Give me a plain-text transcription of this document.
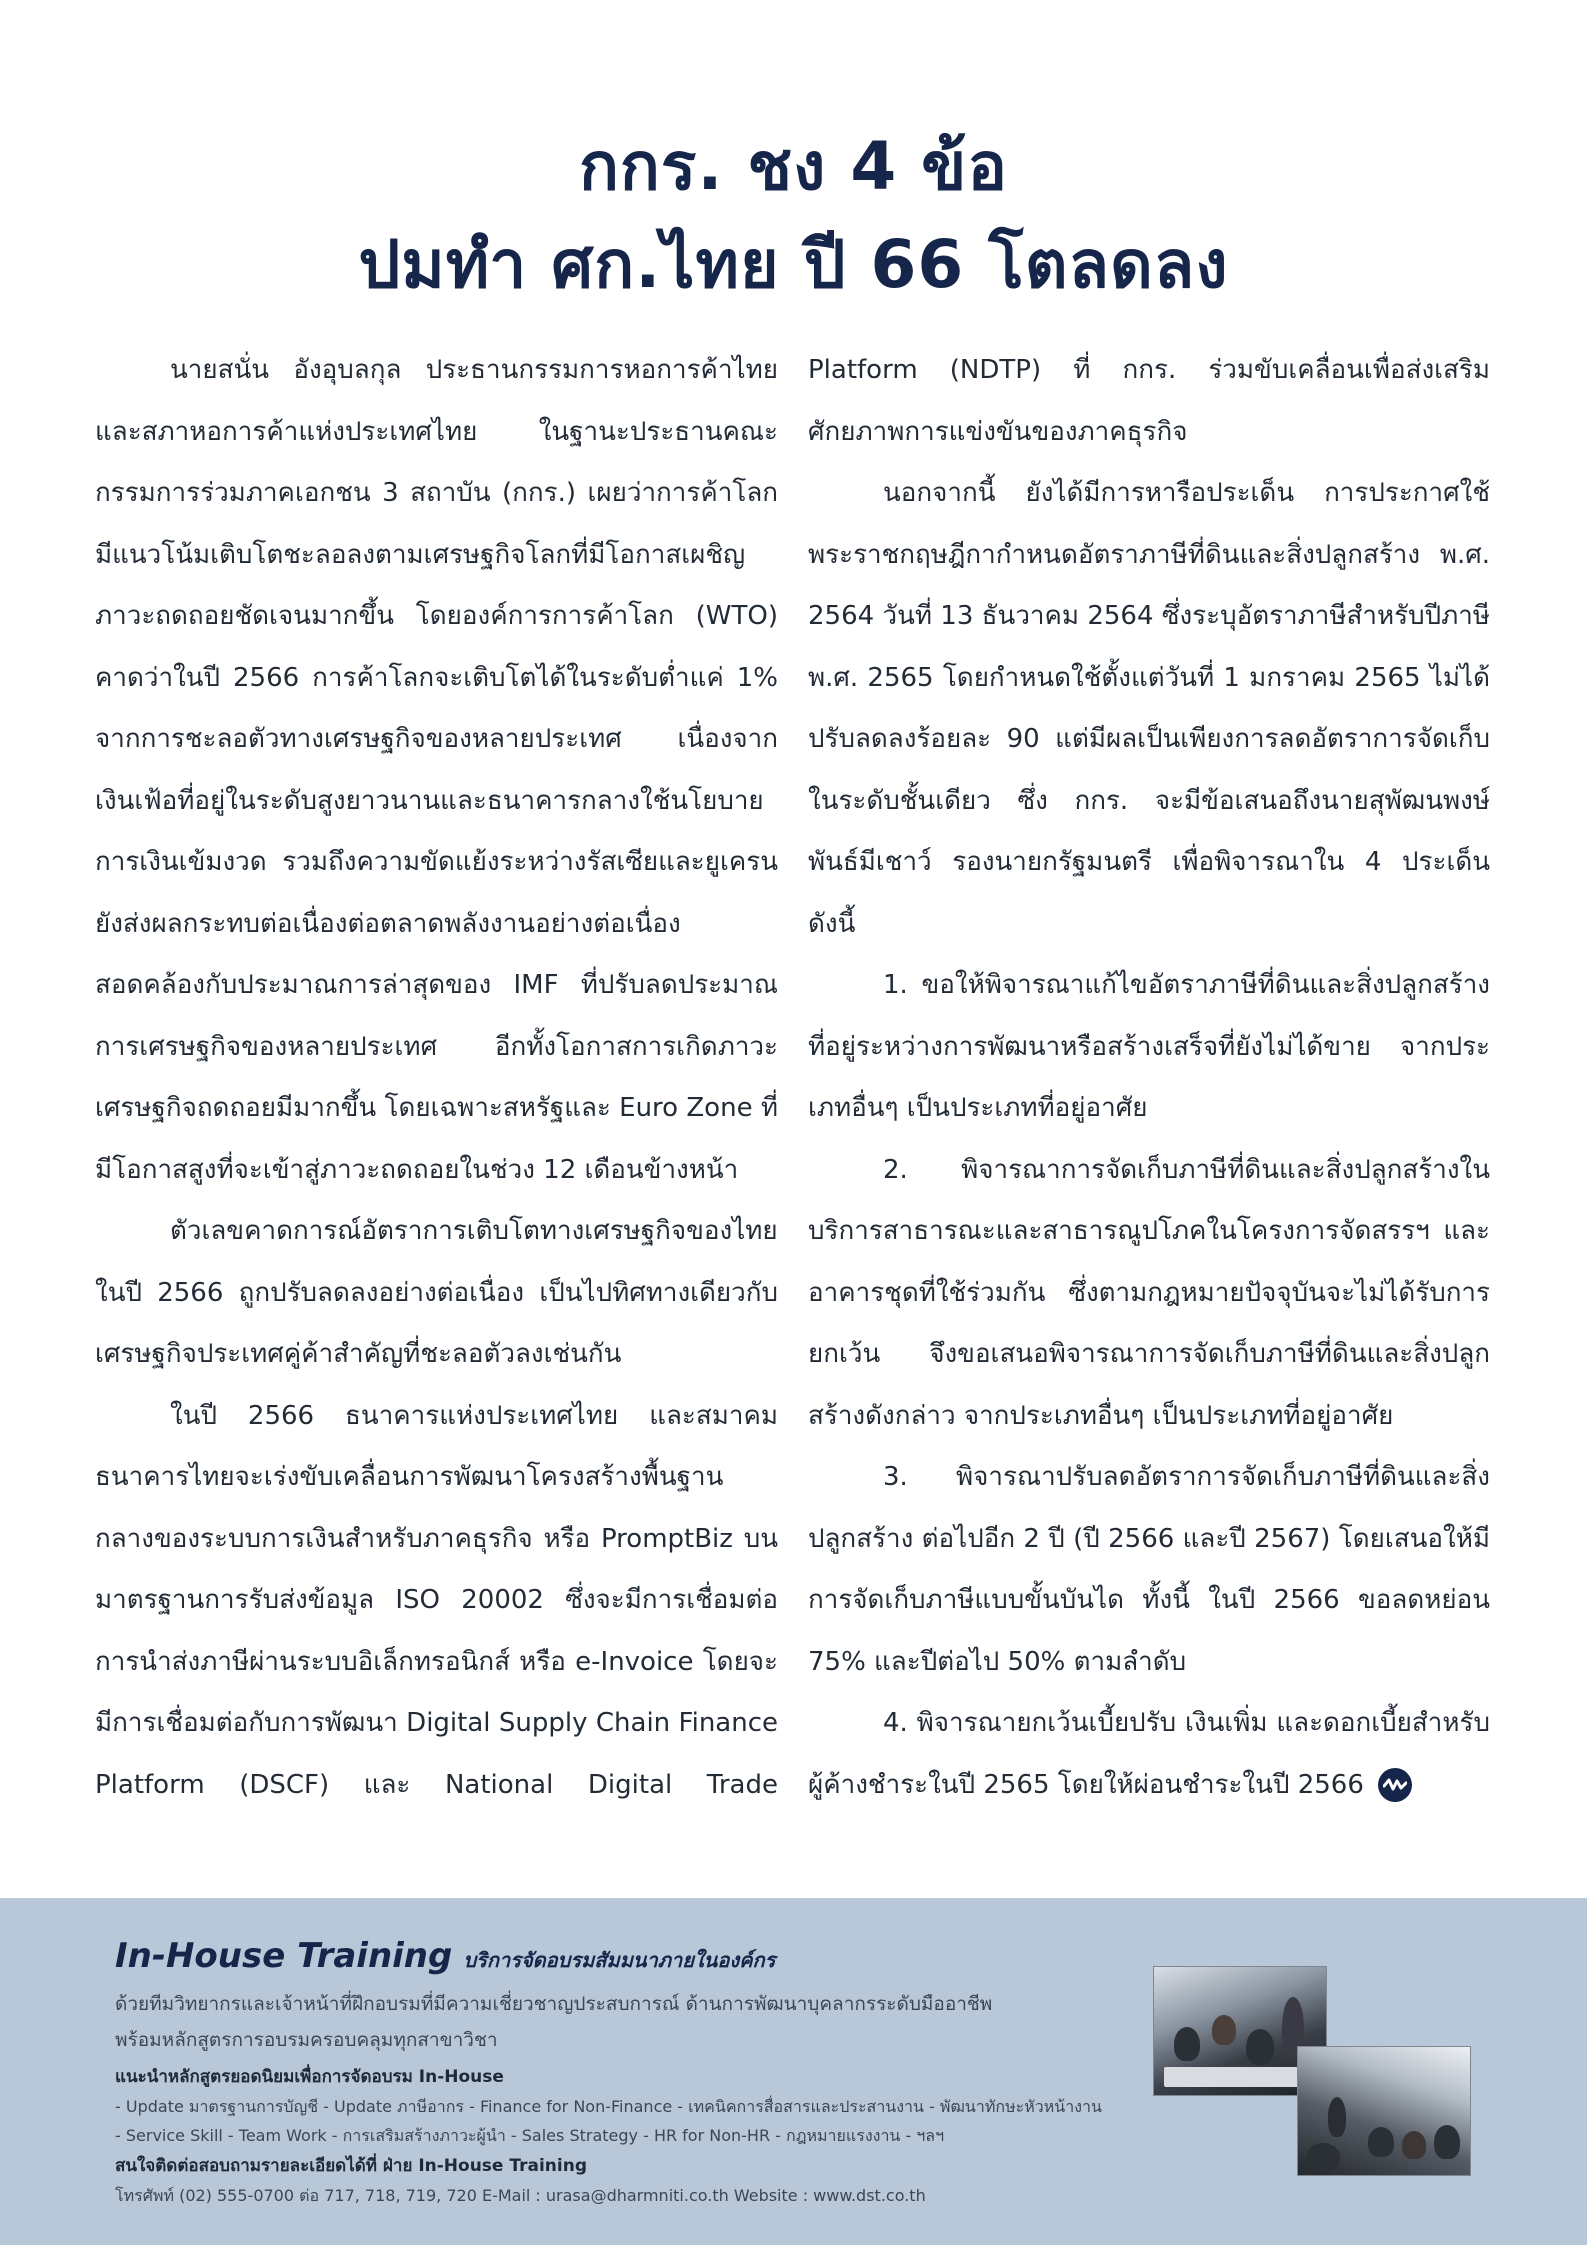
กกร. ชง 4 ข้อ
ปมทำ ศก.ไทย ปี 66 โตลดลง

นายสนั่น อังอุบลกุล ประธานกรรมการหอการค้าไทยและสภาหอการค้าแห่งประเทศไทย ในฐานะประธานคณะกรรมการร่วมภาคเอกชน 3 สถาบัน (กกร.) เผยว่าการค้าโลกมีแนวโน้มเติบโตชะลอลงตามเศรษฐกิจโลกที่มีโอกาสเผชิญภาวะถดถอยชัดเจนมากขึ้น โดยองค์การการค้าโลก (WTO) คาดว่าในปี 2566 การค้าโลกจะเติบโตได้ในระดับต่ำแค่ 1% จากการชะลอตัวทางเศรษฐกิจของหลายประเทศ เนื่องจากเงินเฟ้อที่อยู่ในระดับสูงยาวนานและธนาคารกลางใช้นโยบายการเงินเข้มงวด รวมถึงความขัดแย้งระหว่างรัสเซียและยูเครนยังส่งผลกระทบต่อเนื่องต่อตลาดพลังงานอย่างต่อเนื่อง สอดคล้องกับประมาณการล่าสุดของ IMF ที่ปรับลดประมาณการเศรษฐกิจของหลายประเทศ อีกทั้งโอกาสการเกิดภาวะเศรษฐกิจถดถอยมีมากขึ้น โดยเฉพาะสหรัฐและ Euro Zone ที่มีโอกาสสูงที่จะเข้าสู่ภาวะถดถอยในช่วง 12 เดือนข้างหน้า

ตัวเลขคาดการณ์อัตราการเติบโตทางเศรษฐกิจของไทยในปี 2566 ถูกปรับลดลงอย่างต่อเนื่อง เป็นไปทิศทางเดียวกับเศรษฐกิจประเทศคู่ค้าสำคัญที่ชะลอตัวลงเช่นกัน

ในปี 2566 ธนาคารแห่งประเทศไทย และสมาคมธนาคารไทยจะเร่งขับเคลื่อนการพัฒนาโครงสร้างพื้นฐานกลางของระบบการเงินสำหรับภาคธุรกิจ หรือ PromptBiz บนมาตรฐานการรับส่งข้อมูล ISO 20002 ซึ่งจะมีการเชื่อมต่อการนำส่งภาษีผ่านระบบอิเล็กทรอนิกส์ หรือ e-Invoice โดยจะมีการเชื่อมต่อกับการพัฒนา Digital Supply Chain Finance Platform (DSCF) และ National Digital Trade

Platform (NDTP) ที่ กกร. ร่วมขับเคลื่อนเพื่อส่งเสริมศักยภาพการแข่งขันของภาคธุรกิจ

นอกจากนี้ ยังได้มีการหารือประเด็น การประกาศใช้พระราชกฤษฎีกากำหนดอัตราภาษีที่ดินและสิ่งปลูกสร้าง พ.ศ. 2564 วันที่ 13 ธันวาคม 2564 ซึ่งระบุอัตราภาษีสำหรับปีภาษี พ.ศ. 2565 โดยกำหนดใช้ตั้งแต่วันที่ 1 มกราคม 2565 ไม่ได้ปรับลดลงร้อยละ 90 แต่มีผลเป็นเพียงการลดอัตราการจัดเก็บในระดับชั้นเดียว ซึ่ง กกร. จะมีข้อเสนอถึงนายสุพัฒนพงษ์ พันธ์มีเชาว์ รองนายกรัฐมนตรี เพื่อพิจารณาใน 4 ประเด็น ดังนี้

1. ขอให้พิจารณาแก้ไขอัตราภาษีที่ดินและสิ่งปลูกสร้างที่อยู่ระหว่างการพัฒนาหรือสร้างเสร็จที่ยังไม่ได้ขาย จากประเภทอื่นๆ เป็นประเภทที่อยู่อาศัย

2. พิจารณาการจัดเก็บภาษีที่ดินและสิ่งปลูกสร้างในบริการสาธารณะและสาธารณูปโภคในโครงการจัดสรรฯ และอาคารชุดที่ใช้ร่วมกัน ซึ่งตามกฎหมายปัจจุบันจะไม่ได้รับการยกเว้น จึงขอเสนอพิจารณาการจัดเก็บภาษีที่ดินและสิ่งปลูกสร้างดังกล่าว จากประเภทอื่นๆ เป็นประเภทที่อยู่อาศัย

3. พิจารณาปรับลดอัตราการจัดเก็บภาษีที่ดินและสิ่งปลูกสร้าง ต่อไปอีก 2 ปี (ปี 2566 และปี 2567) โดยเสนอให้มีการจัดเก็บภาษีแบบขั้นบันได ทั้งนี้ ในปี 2566 ขอลดหย่อน 75% และปีต่อไป 50% ตามลำดับ

4. พิจารณายกเว้นเบี้ยปรับ เงินเพิ่ม และดอกเบี้ยสำหรับผู้ค้างชำระในปี 2565 โดยให้ผ่อนชำระในปี 2566

In-House Training บริการจัดอบรมสัมมนาภายในองค์กร
ด้วยทีมวิทยากรและเจ้าหน้าที่ฝึกอบรมที่มีความเชี่ยวชาญประสบการณ์ ด้านการพัฒนาบุคลากรระดับมืออาชีพ
พร้อมหลักสูตรการอบรมครอบคลุมทุกสาขาวิชา
แนะนำหลักสูตรยอดนิยมเพื่อการจัดอบรม In-House
- Update มาตรฐานการบัญชี - Update ภาษีอากร - Finance for Non-Finance - เทคนิคการสื่อสารและประสานงาน - พัฒนาทักษะหัวหน้างาน
- Service Skill - Team Work - การเสริมสร้างภาวะผู้นำ - Sales Strategy - HR for Non-HR - กฎหมายแรงงาน - ฯลฯ
สนใจติดต่อสอบถามรายละเอียดได้ที่ ฝ่าย In-House Training
โทรศัพท์ (02) 555-0700 ต่อ 717, 718, 719, 720 E-Mail : urasa@dharmniti.co.th Website : www.dst.co.th
